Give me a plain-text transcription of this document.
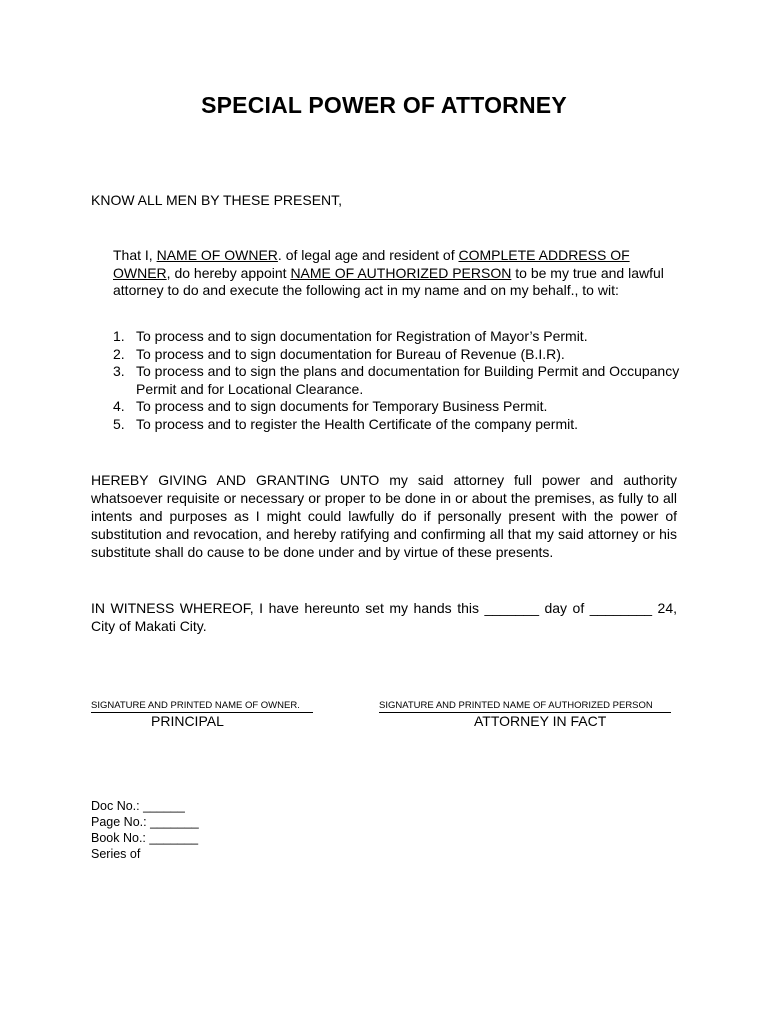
SPECIAL POWER OF ATTORNEY
KNOW ALL MEN BY THESE PRESENT,
That I, NAME OF OWNER. of legal age and resident of COMPLETE ADDRESS OF OWNER, do hereby appoint NAME OF AUTHORIZED PERSON to be my true and lawful attorney to do and execute the following act in my name and on my behalf., to wit:
1. To process and to sign documentation for Registration of Mayor’s Permit.
2. To process and to sign documentation for Bureau of Revenue (B.I.R).
3. To process and to sign the plans and documentation for Building Permit and Occupancy Permit and for Locational Clearance.
4. To process and to sign documents for Temporary Business Permit.
5. To process and to register the Health Certificate of the company permit.
HEREBY GIVING AND GRANTING UNTO my said attorney full power and authority whatsoever requisite or necessary or proper to be done in or about the premises, as fully to all intents and purposes as I might could lawfully do if personally present with the power of substitution and revocation, and hereby ratifying and confirming all that my said attorney or his substitute shall do cause to be done under and by virtue of these presents.
IN WITNESS WHEREOF, I have hereunto set my hands this _______ day of ________ 24, City of Makati City.
SIGNATURE AND PRINTED NAME OF OWNER.	SIGNATURE AND PRINTED NAME OF AUTHORIZED PERSON
PRINCIPAL	ATTORNEY IN FACT
Doc No.: ______
Page No.: _______
Book No.: _______
Series of
